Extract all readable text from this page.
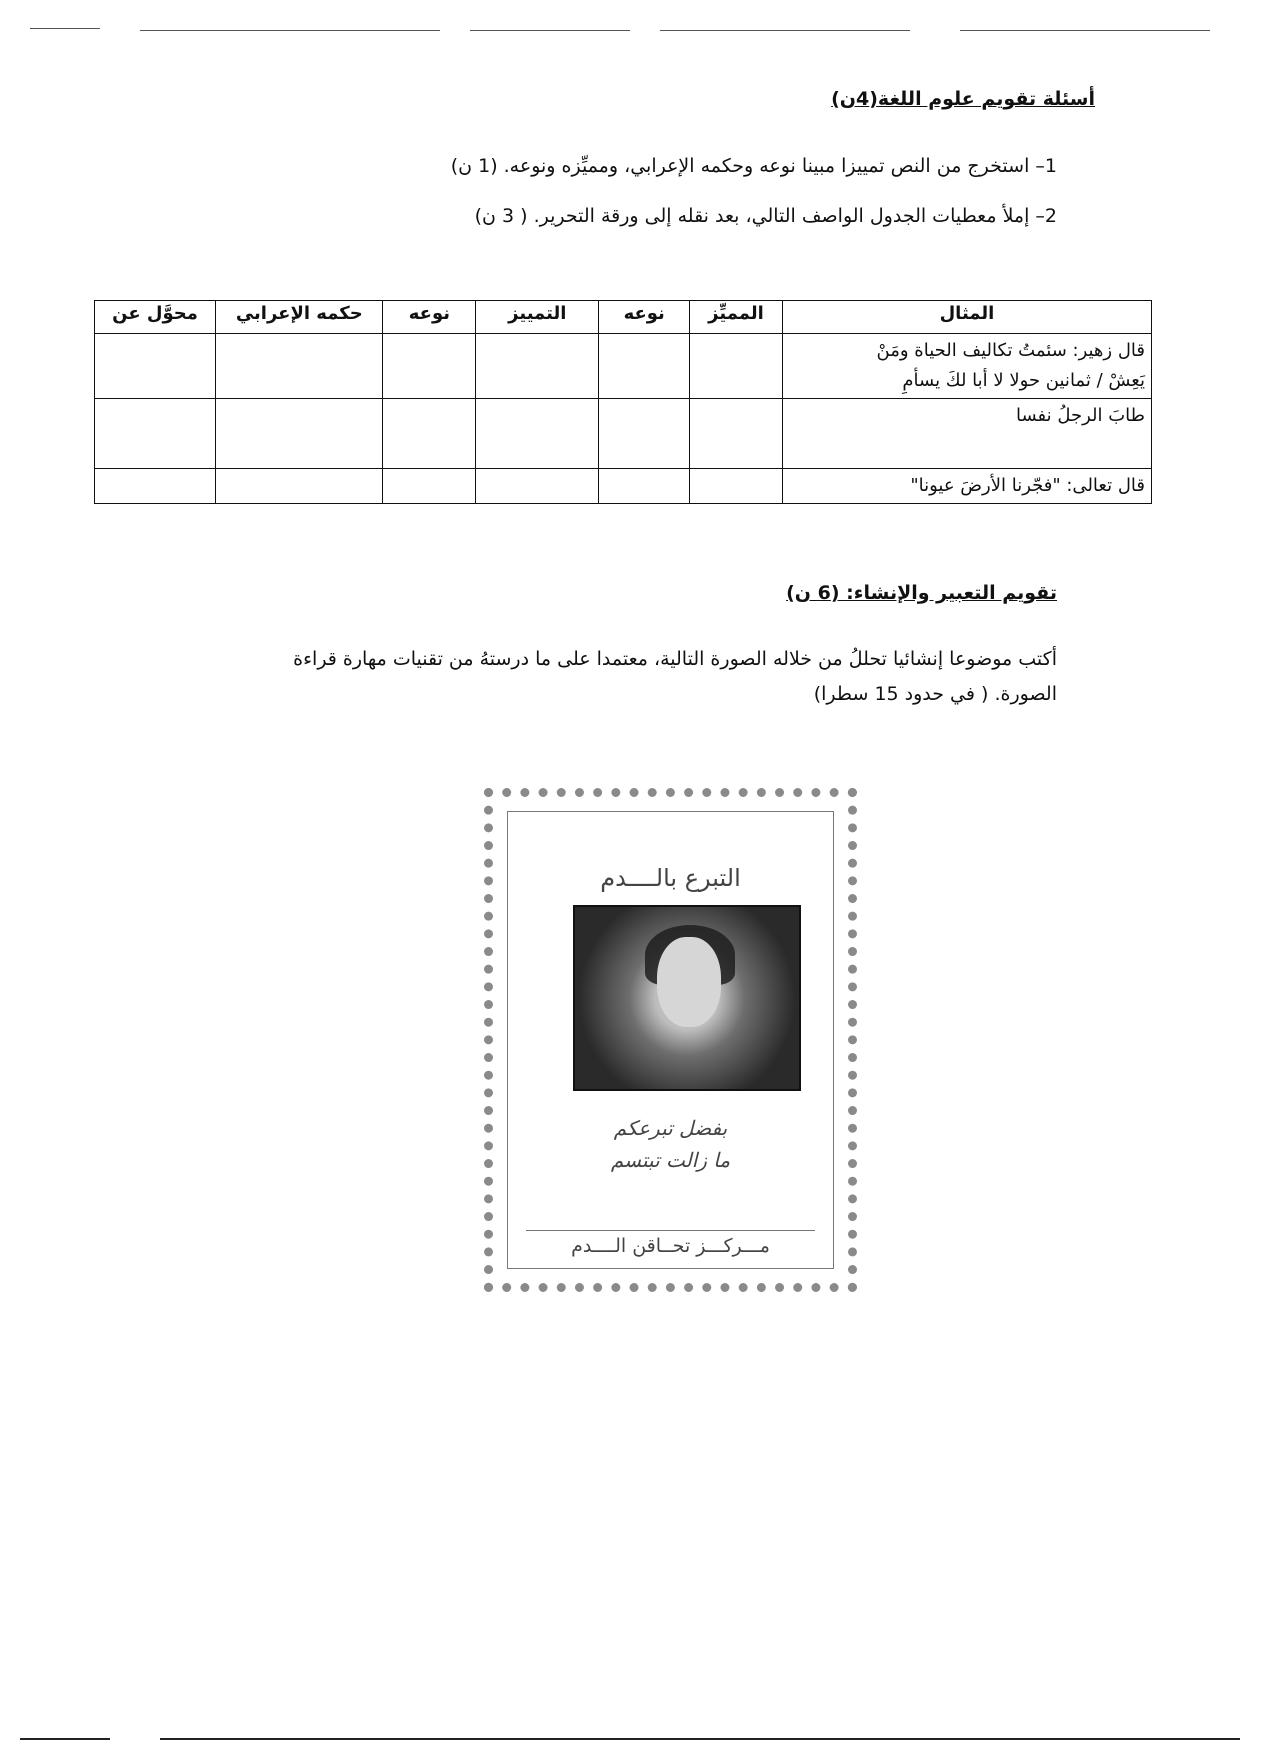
أسئلة تقويم علوم اللغة(4ن)
1– استخرج من النص تمييزا مبينا نوعه وحكمه الإعرابي، ومميِّزه ونوعه. (1 ن)
2– إملأ معطيات الجدول الواصف التالي، بعد نقله إلى ورقة التحرير. ( 3 ن)
المثال	المميِّز	نوعه	التمييز	نوعه	حكمه الإعرابي	محوَّل عن

قال زهير: سئمتُ تكاليف الحياة ومَنْ
يَعِشْ / ثمانين حولا لا أبا لكَ يسأمِ						

طابَ الرجلُ نفسا						

قال تعالى: "فجّرنا الأرضَ عيونا"						

تقويم التعبير والإنشاء: (6 ن)
أكتب موضوعا إنشائيا تحللُ من خلاله الصورة التالية، معتمدا على ما درستهُ من تقنيات مهارة قراءة
الصورة. ( في حدود 15 سطرا)
التبرع بالــــدم
بفضل تبرعكم
ما زالت تبتسم
مـــركـــز تحــاقن الــــدم
